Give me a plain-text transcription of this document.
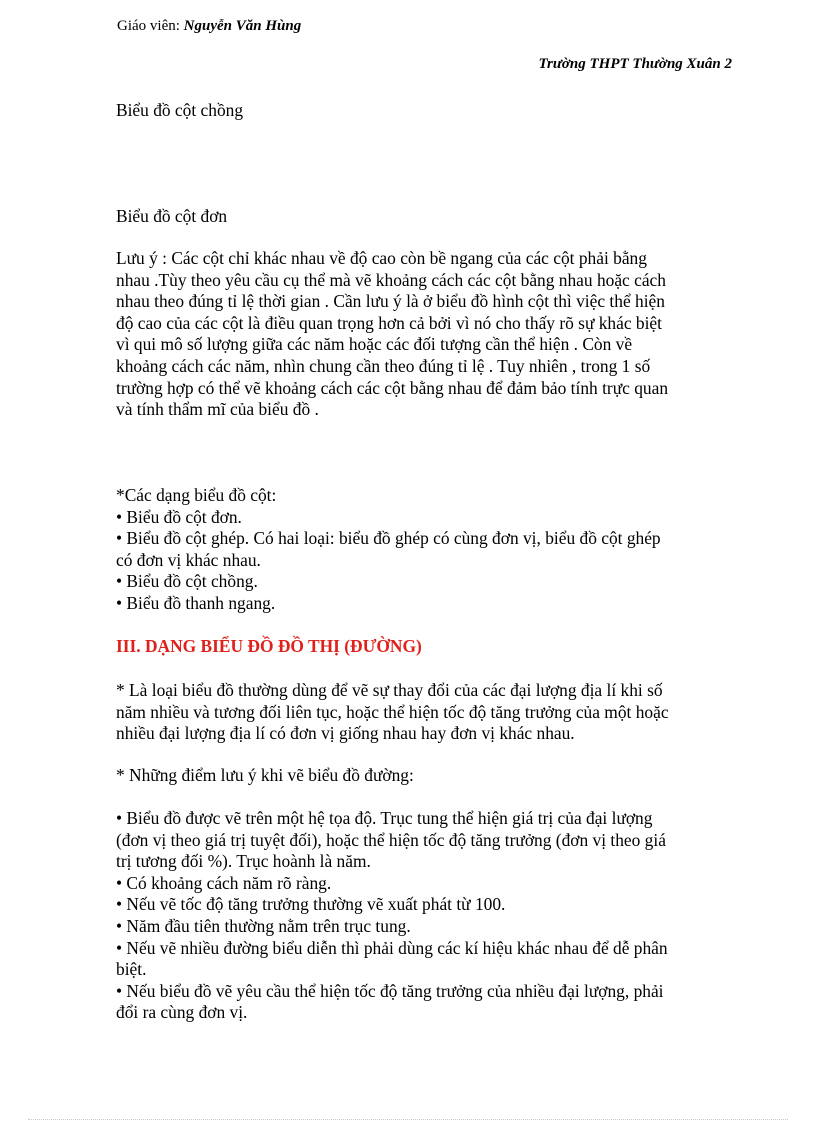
Giáo viên: Nguyễn Văn Hùng
Trường THPT Thường Xuân 2
Biểu đồ cột chồng
Biểu đồ cột đơn
Lưu ý : Các cột chỉ khác nhau về độ cao còn bề ngang của các cột phải bằng
nhau .Tùy theo yêu cầu cụ thể mà vẽ khoảng cách các cột bằng nhau hoặc cách
nhau theo đúng tỉ lệ thời gian . Cần lưu ý là ở biểu đồ hình cột thì việc thể hiện
độ cao của các cột là điều quan trọng hơn cả bởi vì nó cho thấy rõ sự khác biệt
vì qui mô số lượng giữa các năm hoặc các đối tượng cần thể hiện . Còn về
khoảng cách các năm, nhìn chung cần theo đúng tỉ lệ . Tuy nhiên , trong 1 số
trường hợp có thể vẽ khoảng cách các cột bằng nhau để đảm bảo tính trực quan
và tính thẩm mĩ của biểu đồ .
*Các dạng biểu đồ cột:
• Biểu đồ cột đơn.
• Biểu đồ cột ghép. Có hai loại: biểu đồ ghép có cùng đơn vị, biểu đồ cột ghép
có đơn vị khác nhau.
• Biểu đồ cột chồng.
• Biểu đồ thanh ngang.
III. DẠNG BIỂU ĐỒ ĐỒ THỊ (ĐƯỜNG)
* Là loại biểu đồ thường dùng để vẽ sự thay đổi của các đại lượng địa lí khi số
năm nhiều và tương đối liên tục, hoặc thể hiện tốc độ tăng trưởng của một hoặc
nhiều đại lượng địa lí có đơn vị giống nhau hay đơn vị khác nhau.
* Những điểm lưu ý khi vẽ biểu đồ đường:
• Biểu đồ được vẽ trên một hệ tọa độ. Trục tung thể hiện giá trị của đại lượng
(đơn vị theo giá trị tuyệt đối), hoặc thể hiện tốc độ tăng trưởng (đơn vị theo giá
trị tương đối %). Trục hoành là năm.
• Có khoảng cách năm rõ ràng.
• Nếu vẽ tốc độ tăng trưởng thường vẽ xuất phát từ 100.
• Năm đầu tiên thường nằm trên trục tung.
• Nếu vẽ nhiều đường biểu diễn thì phải dùng các kí hiệu khác nhau để dễ phân
biệt.
• Nếu biểu đồ vẽ yêu cầu thể hiện tốc độ tăng trưởng của nhiều đại lượng, phải
đổi ra cùng đơn vị.
